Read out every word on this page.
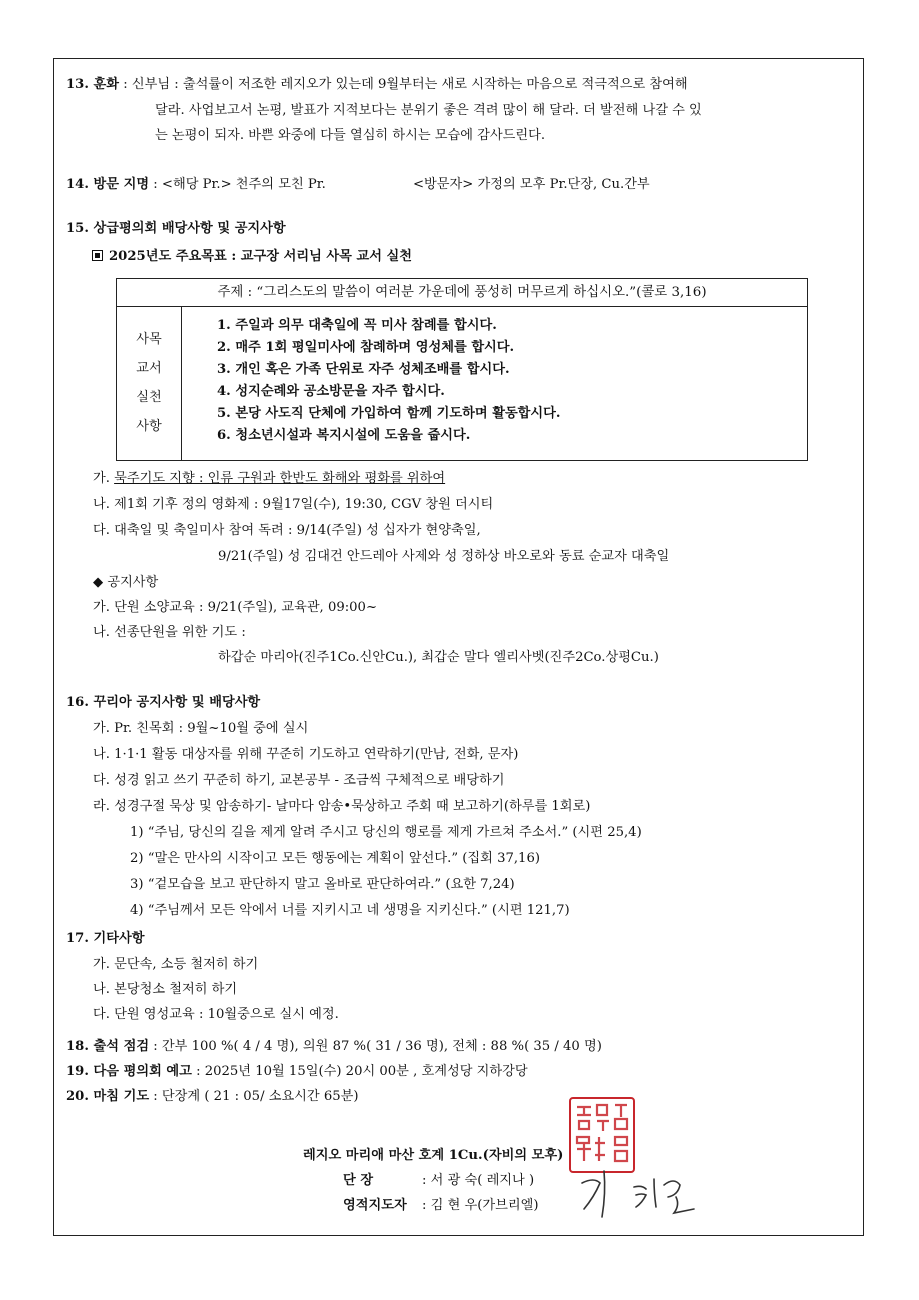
13. 훈화 : 신부님 : 출석률이 저조한 레지오가 있는데 9월부터는 새로 시작하는 마음으로 적극적으로 참여해
달라. 사업보고서 논평, 발표가 지적보다는 분위기 좋은 격려 많이 해 달라. 더 발전해 나갈 수 있
는 논평이 되자. 바쁜 와중에 다들 열심히 하시는 모습에 감사드린다.
14. 방문 지명 : <해당 Pr.> 천주의 모친 Pr.	<방문자> 가정의 모후 Pr.단장, Cu.간부
15. 상급평의회 배당사항 및 공지사항
2025년도 주요목표 : 교구장 서리님 사목 교서 실천
주제 : “그리스도의 말씀이 여러분 가운데에 풍성히 머무르게 하십시오.”(콜로 3,16)
사목
교서
실천
사항
1. 주일과 의무 대축일에 꼭 미사 참례를 합시다.
2. 매주 1회 평일미사에 참례하며 영성체를 합시다.
3. 개인 혹은 가족 단위로 자주 성체조배를 합시다.
4. 성지순례와 공소방문을 자주 합시다.
5. 본당 사도직 단체에 가입하여 함께 기도하며 활동합시다.
6. 청소년시설과 복지시설에 도움을 줍시다.
가. 묵주기도 지향 : 인류 구원과 한반도 화해와 평화를 위하여
나. 제1회 기후 정의 영화제 : 9월17일(수), 19:30, CGV 창원 더시티
다. 대축일 및 축일미사 참여 독려 : 9/14(주일) 성 십자가 현양축일,
9/21(주일) 성 김대건 안드레아 사제와 성 정하상 바오로와 동료 순교자 대축일
◆ 공지사항
가. 단원 소양교육 : 9/21(주일), 교육관, 09:00~
나. 선종단원을 위한 기도 :
하갑순 마리아(진주1Co.신안Cu.), 최갑순 말다 엘리사벳(진주2Co.상평Cu.)
16. 꾸리아 공지사항 및 배당사항
가. Pr. 친목회 : 9월~10월 중에 실시
나. 1·1·1 활동 대상자를 위해 꾸준히 기도하고 연락하기(만남, 전화, 문자)
다. 성경 읽고 쓰기 꾸준히 하기, 교본공부 - 조금씩 구체적으로 배당하기
라. 성경구절 묵상 및 암송하기- 날마다 암송•묵상하고 주회 때 보고하기(하루를 1회로)
1) “주님, 당신의 길을 제게 알려 주시고 당신의 행로를 제게 가르쳐 주소서.” (시편 25,4)
2) “말은 만사의 시작이고 모든 행동에는 계획이 앞선다.” (집회 37,16)
3) “겉모습을 보고 판단하지 말고 올바로 판단하여라.” (요한 7,24)
4) “주님께서 모든 악에서 너를 지키시고 네 생명을 지키신다.” (시편 121,7)
17. 기타사항
가. 문단속, 소등 철저히 하기
나. 본당청소 철저히 하기
다. 단원 영성교육 : 10월중으로 실시 예정.
18. 출석 점검 : 간부 100 %( 4 / 4 명), 의원 87 %( 31 / 36 명), 전체 : 88 %( 35 / 40 명)
19. 다음 평의회 예고 : 2025년 10월 15일(수) 20시 00분 , 호계성당 지하강당
20. 마침 기도 : 단장계 ( 21 : 05/ 소요시간 65분)
레지오 마리애 마산 호계 1Cu.(자비의 모후)
단 장	: 서 광 숙( 레지나 )
영적지도자 : 김 현 우(가브리엘)
